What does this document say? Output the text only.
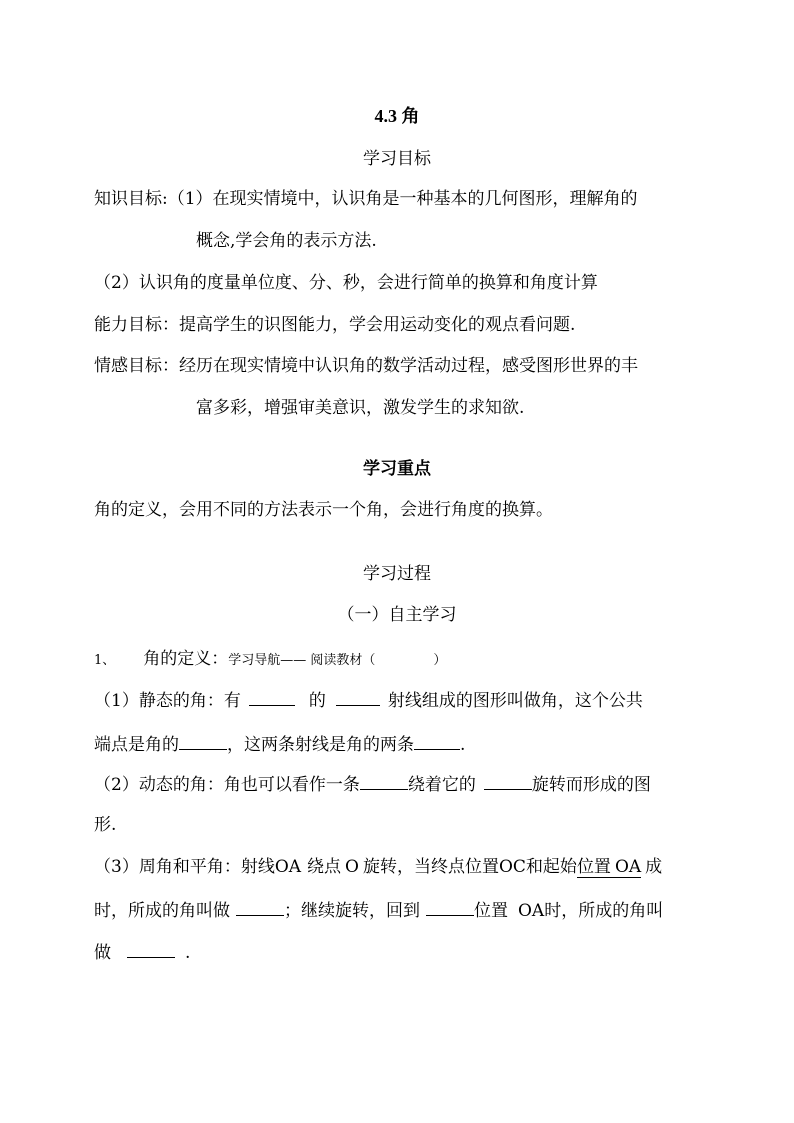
4.3 角
学习目标
知识目标:（1）在现实情境中，认识角是一种基本的几何图形，理解角的
概念,学会角的表示方法.
（2）认识角的度量单位度、分、秒，会进行简单的换算和角度计算
能力目标：提高学生的识图能力，学会用运动变化的观点看问题.
情感目标：经历在现实情境中认识角的数学活动过程，感受图形世界的丰
富多彩，增强审美意识，激发学生的求知欲.
学习重点
角的定义，会用不同的方法表示一个角，会进行角度的换算。
学习过程
（一）自主学习
1、 角的定义：学习导航—— 阅读教材（	）
（1）静态的角：有	的	射线组成的图形叫做角，这个公共
端点是角的	，这两条射线是角的两条	.
（2）动态的角：角也可以看作一条	绕着它的	旋转而形成的图
形.
（3）周角和平角：射线OA 绕点 O 旋转，当终点位置OC和起始位置 OA 成
时，所成的角叫做	；继续旋转，回到	位置 OA时，所成的角叫
做	.
